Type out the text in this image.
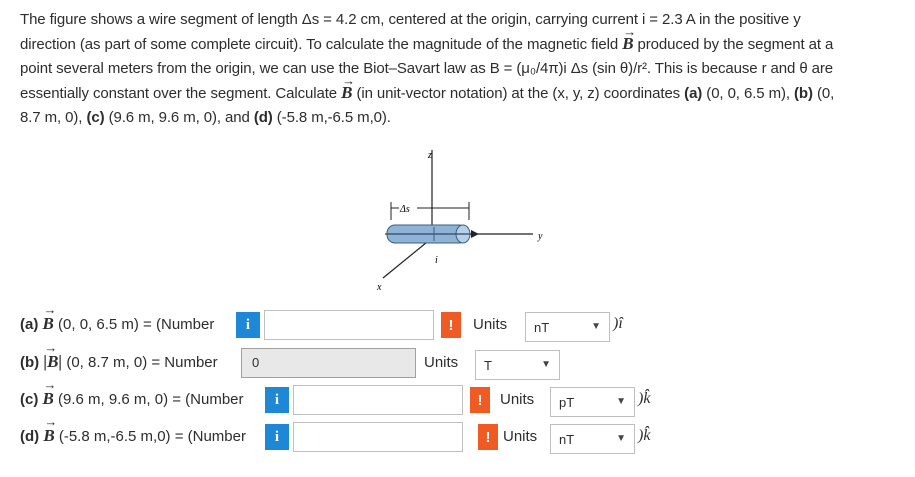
The figure shows a wire segment of length Δs = 4.2 cm, centered at the origin, carrying current i = 2.3 A in the positive y

direction (as part of some complete circuit). To calculate the magnitude of the magnetic field → B produced by the segment at a

point several meters from the origin, we can use the Biot–Savart law as B = (μ₀/4π)i Δs (sin θ)/r². This is because r and θ are

essentially constant over the segment. Calculate → B (in unit-vector notation) at the (x, y, z) coordinates (a) (0, 0, 6.5 m), (b) (0,

8.7 m, 0), (c) (9.6 m, 9.6 m, 0), and (d) (-5.8 m,-6.5 m,0).

z
y
x
Δs
i
(a)
→ B
(0, 0, 6.5 m) = (Number	i	!	Units nT	▼ )î
(b)
→ |B|
(0, 8.7 m, 0) = Number	0	Units T	▼
(c)
→ B
(9.6 m, 9.6 m, 0) = (Number	i	!	Units pT	▼ )k̂
(d)
→ B
(-5.8 m,-6.5 m,0) = (Number	i	! Units nT	▼ )k̂
